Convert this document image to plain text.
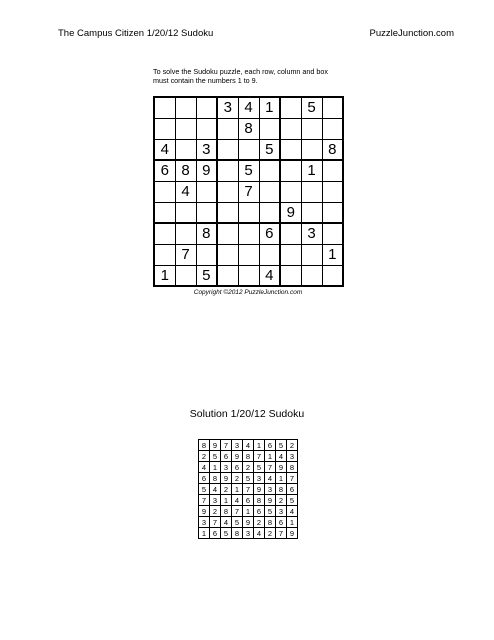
The Campus Citizen 1/20/12 Sudoku	PuzzleJunction.com
To solve the Sudoku puzzle, each row, column and box must contain the numbers 1 to 9.
			3	4	1		5	
				8				
4		3			5			8
6	8	9		5			1	
	4			7				
						9		
		8			6		3	
	7							1
1		5			4			
Copyright ©2012 PuzzleJunction.com
Solution 1/20/12 Sudoku
8	9	7	3	4	1	6	5	2
2	5	6	9	8	7	1	4	3
4	1	3	6	2	5	7	9	8
6	8	9	2	5	3	4	1	7
5	4	2	1	7	9	3	8	6
7	3	1	4	6	8	9	2	5
9	2	8	7	1	6	5	3	4
3	7	4	5	9	2	8	6	1
1	6	5	8	3	4	2	7	9
